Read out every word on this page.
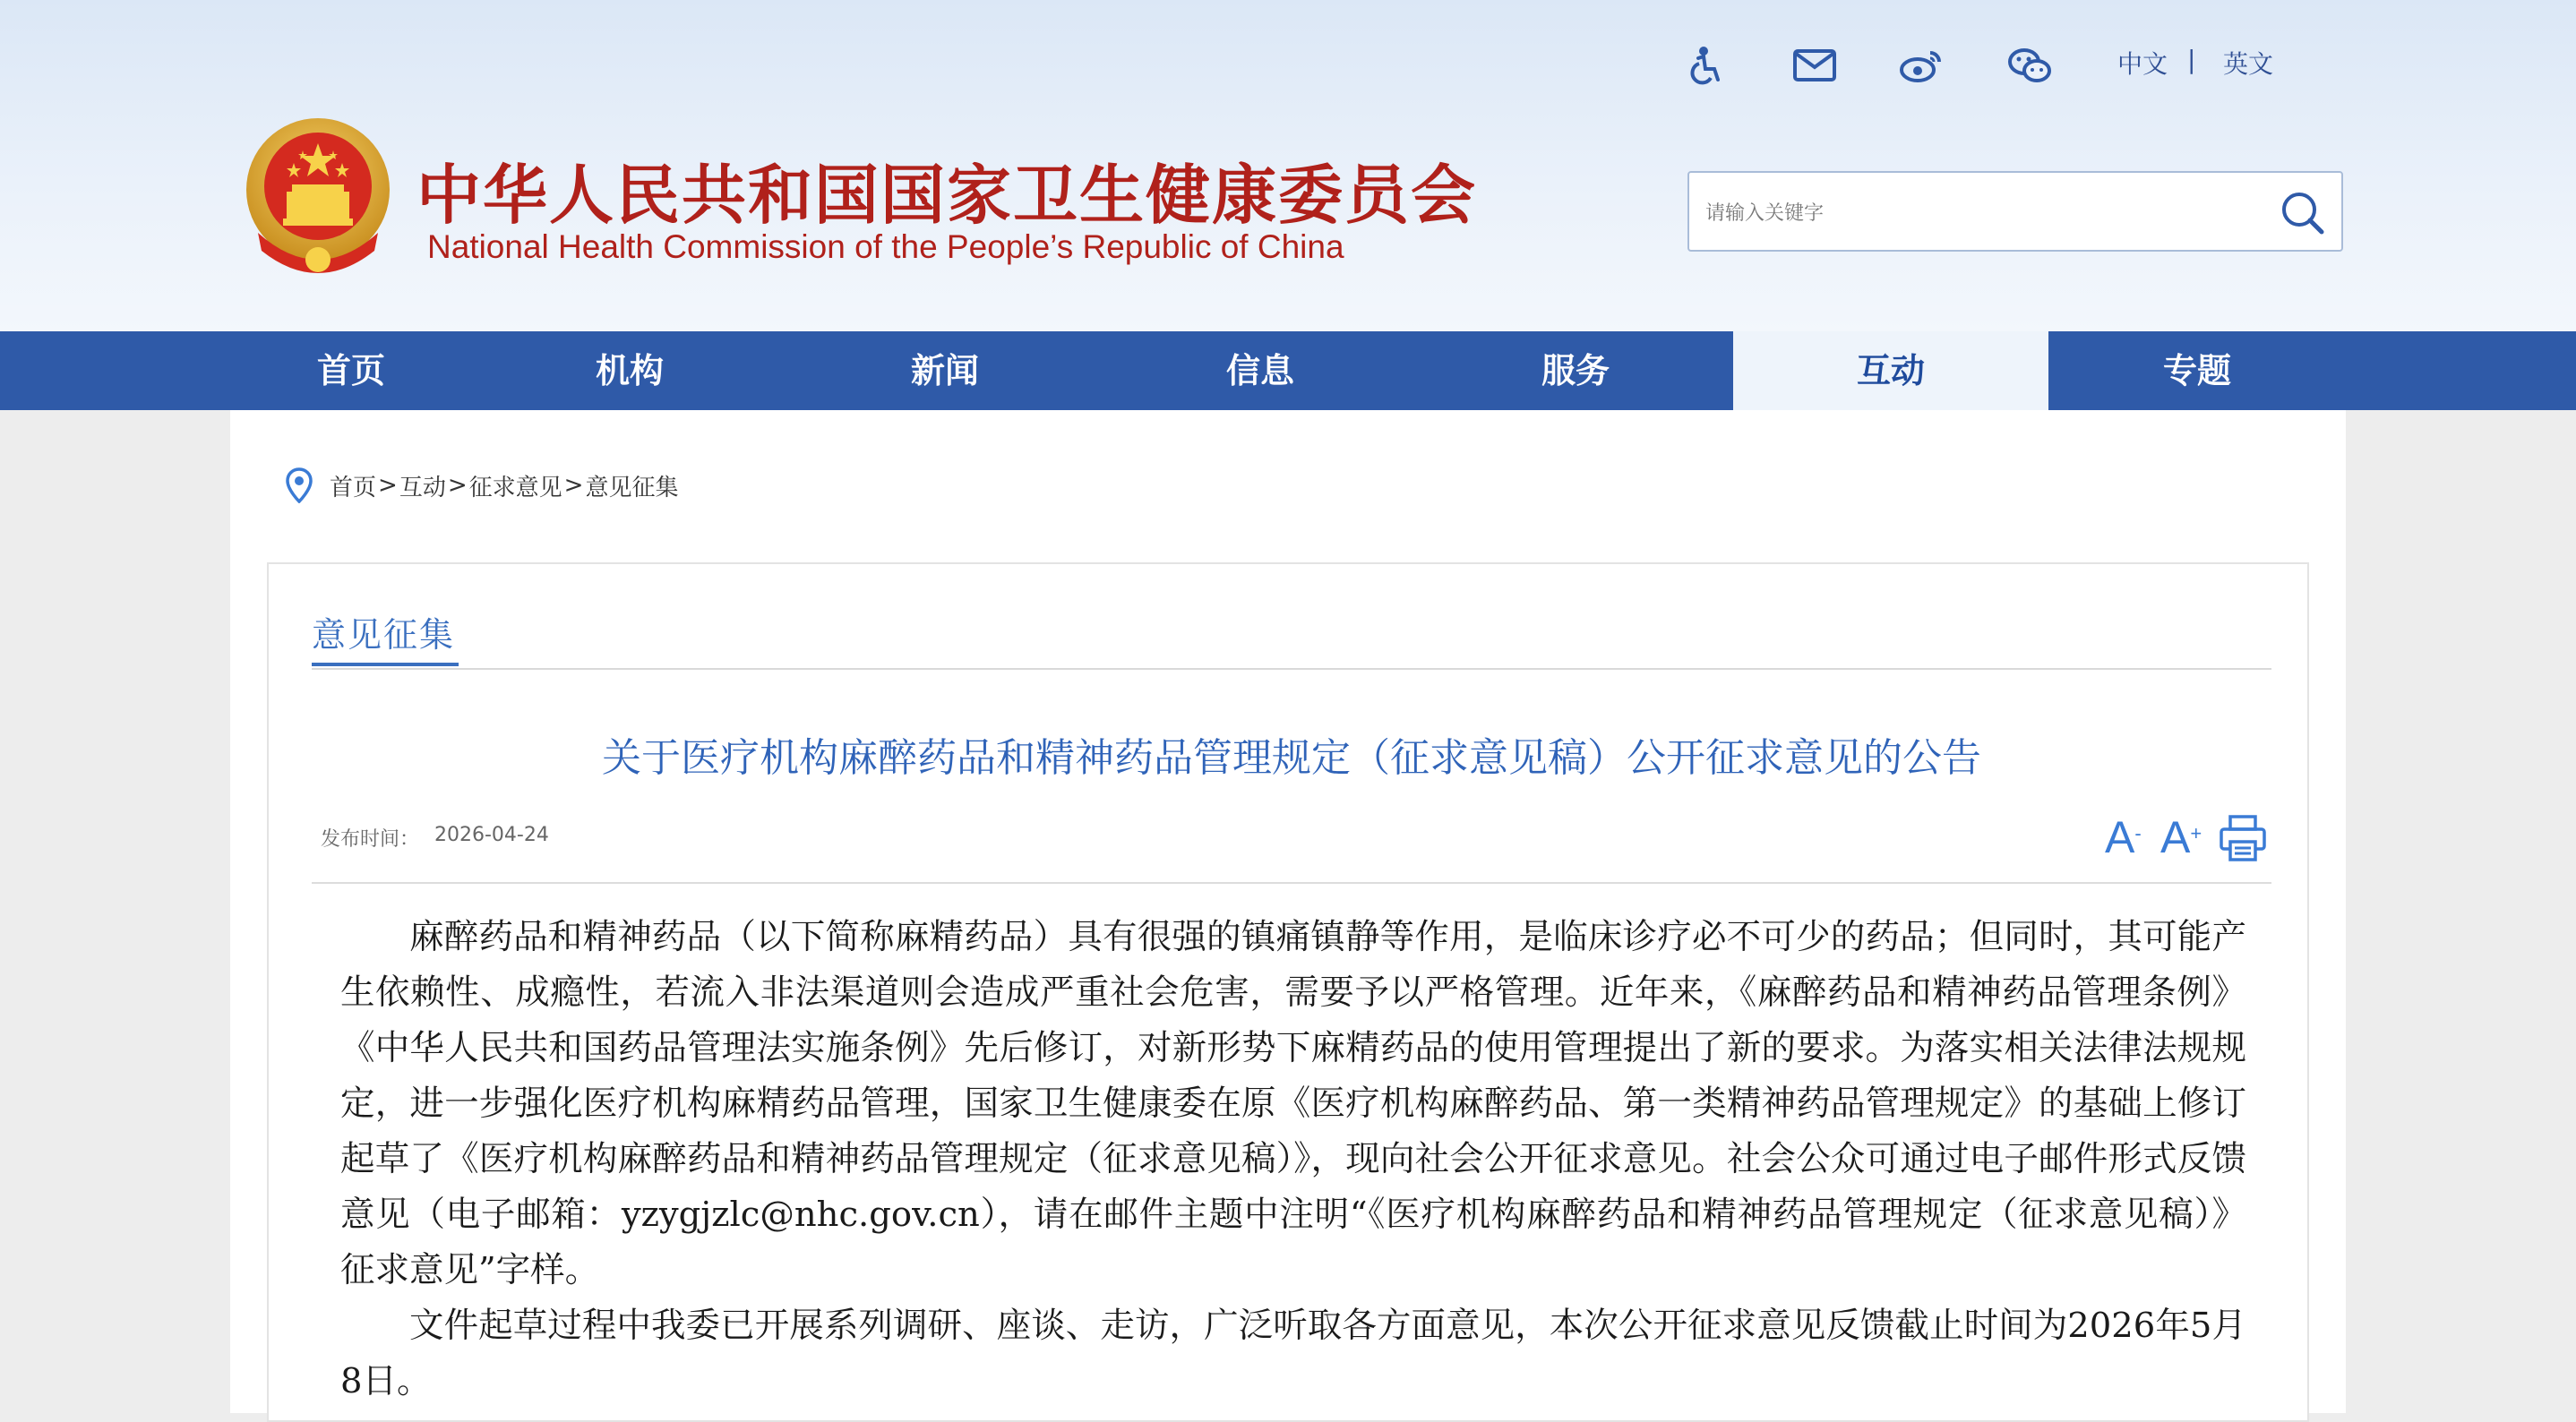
中华人民共和国国家卫生健康委员会
National Health Commission of the People’s Republic of China
中文 | 英文
请输入关键字
首页	机构	新闻	信息	服务	互动	专题
首页 > 互动 > 征求意见 > 意见征集
意见征集
关于医疗机构麻醉药品和精神药品管理规定（征求意见稿）公开征求意见的公告
发布时间： 2026-04-24	A- A+

麻醉药品和精神药品（以下简称麻精药品）具有很强的镇痛镇静等作用，是临床诊疗必不可少的药品；但同时，其可能产生依赖性、成瘾性，若流入非法渠道则会造成严重社会危害，需要予以严格管理。近年来，《麻醉药品和精神药品管理条例》《中华人民共和国药品管理法实施条例》先后修订，对新形势下麻精药品的使用管理提出了新的要求。为落实相关法律法规规定，进一步强化医疗机构麻精药品管理，国家卫生健康委在原《医疗机构麻醉药品、第一类精神药品管理规定》的基础上修订起草了《医疗机构麻醉药品和精神药品管理规定（征求意见稿）》，现向社会公开征求意见。社会公众可通过电子邮件形式反馈意见（电子邮箱：yzygjzlc@nhc.gov.cn），请在邮件主题中注明“《医疗机构麻醉药品和精神药品管理规定（征求意见稿）》征求意见”字样。

文件起草过程中我委已开展系列调研、座谈、走访，广泛听取各方面意见，本次公开征求意见反馈截止时间为2026年5月8日。
